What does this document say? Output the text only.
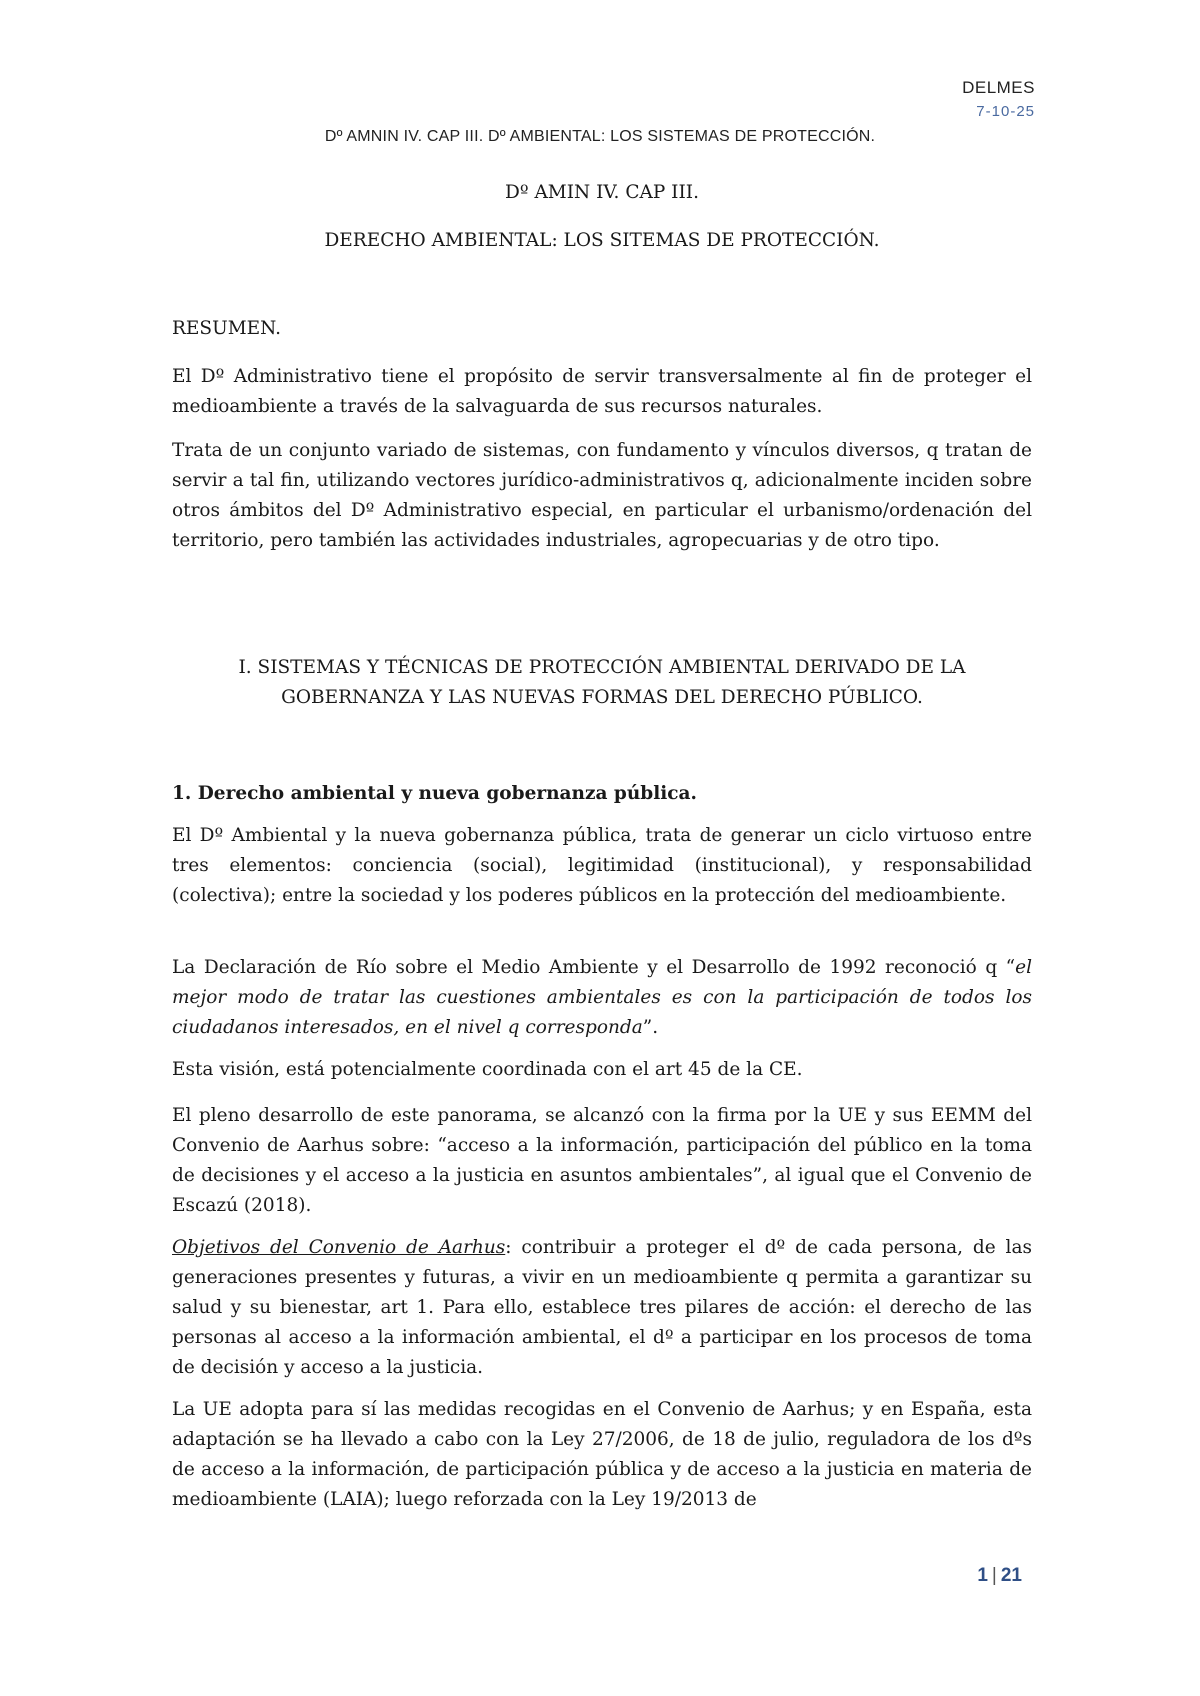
DELMES
7-10-25
Dº AMNIN IV. CAP III. Dº AMBIENTAL: LOS SISTEMAS DE PROTECCIÓN.
Dº AMIN IV. CAP III.
DERECHO AMBIENTAL: LOS SITEMAS DE PROTECCIÓN.
RESUMEN.

El Dº Administrativo tiene el propósito de servir transversalmente al fin de proteger el medioambiente a través de la salvaguarda de sus recursos naturales.

Trata de un conjunto variado de sistemas, con fundamento y vínculos diversos, q tratan de servir a tal fin, utilizando vectores jurídico-administrativos q, adicionalmente inciden sobre otros ámbitos del Dº Administrativo especial, en particular el urbanismo/ordenación del territorio, pero también las actividades industriales, agropecuarias y de otro tipo.

I. SISTEMAS Y TÉCNICAS DE PROTECCIÓN AMBIENTAL DERIVADO DE LA GOBERNANZA Y LAS NUEVAS FORMAS DEL DERECHO PÚBLICO.

1. Derecho ambiental y nueva gobernanza pública.

El Dº Ambiental y la nueva gobernanza pública, trata de generar un ciclo virtuoso entre tres elementos: conciencia (social), legitimidad (institucional), y responsabilidad (colectiva); entre la sociedad y los poderes públicos en la protección del medioambiente.

La Declaración de Río sobre el Medio Ambiente y el Desarrollo de 1992 reconoció q “el mejor modo de tratar las cuestiones ambientales es con la participación de todos los ciudadanos interesados, en el nivel q corresponda”.

Esta visión, está potencialmente coordinada con el art 45 de la CE.

El pleno desarrollo de este panorama, se alcanzó con la firma por la UE y sus EEMM del Convenio de Aarhus sobre: “acceso a la información, participación del público en la toma de decisiones y el acceso a la justicia en asuntos ambientales”, al igual que el Convenio de Escazú (2018).

Objetivos del Convenio de Aarhus: contribuir a proteger el dº de cada persona, de las generaciones presentes y futuras, a vivir en un medioambiente q permita a garantizar su salud y su bienestar, art 1. Para ello, establece tres pilares de acción: el derecho de las personas al acceso a la información ambiental, el dº a participar en los procesos de toma de decisión y acceso a la justicia.

La UE adopta para sí las medidas recogidas en el Convenio de Aarhus; y en España, esta adaptación se ha llevado a cabo con la Ley 27/2006, de 18 de julio, reguladora de los dºs de acceso a la información, de participación pública y de acceso a la justicia en materia de medioambiente (LAIA); luego reforzada con la Ley 19/2013 de

1 | 21
